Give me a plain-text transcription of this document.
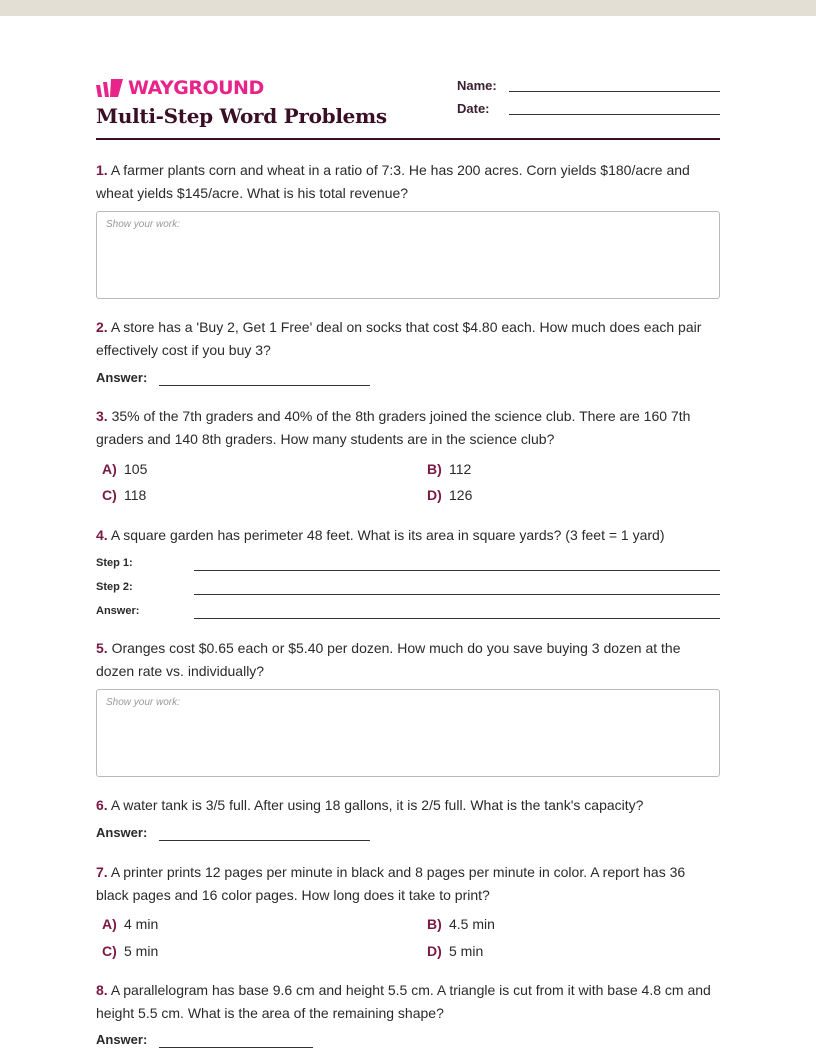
WAYGROUND
Multi-Step Word Problems
Name:
Date:

1. A farmer plants corn and wheat in a ratio of 7:3. He has 200 acres. Corn yields $180/acre and wheat yields $145/acre. What is his total revenue?

Show your work:

2. A store has a 'Buy 2, Get 1 Free' deal on socks that cost $4.80 each. How much does each pair effectively cost if you buy 3?

Answer:

3. 35% of the 7th graders and 40% of the 8th graders joined the science club. There are 160 7th graders and 140 8th graders. How many students are in the science club?

A) 105	B) 112
C) 118	D) 126

4. A square garden has perimeter 48 feet. What is its area in square yards? (3 feet = 1 yard)

Step 1:
Step 2:
Answer:

5. Oranges cost $0.65 each or $5.40 per dozen. How much do you save buying 3 dozen at the dozen rate vs. individually?

Show your work:

6. A water tank is 3/5 full. After using 18 gallons, it is 2/5 full. What is the tank's capacity?

Answer:

7. A printer prints 12 pages per minute in black and 8 pages per minute in color. A report has 36 black pages and 16 color pages. How long does it take to print?

A) 4 min	B) 4.5 min
C) 5 min	D) 5 min

8. A parallelogram has base 9.6 cm and height 5.5 cm. A triangle is cut from it with base 4.8 cm and height 5.5 cm. What is the area of the remaining shape?

Answer:
